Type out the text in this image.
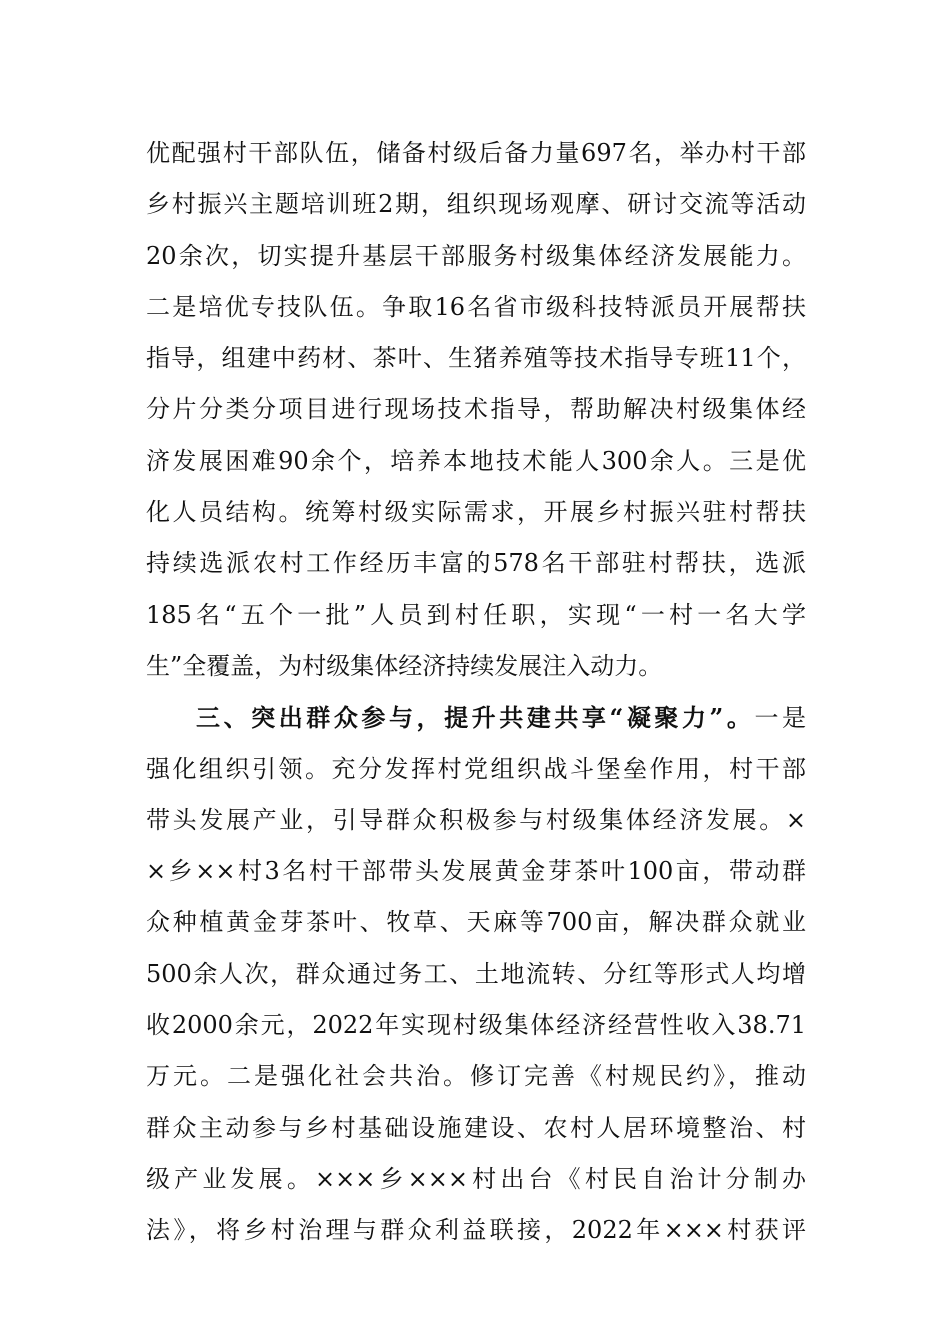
优配强村干部队伍，储备村级后备力量697名，举办村干部
乡村振兴主题培训班2期，组织现场观摩、研讨交流等活动
20余次，切实提升基层干部服务村级集体经济发展能力。
二是培优专技队伍。争取16名省市级科技特派员开展帮扶
指导，组建中药材、茶叶、生猪养殖等技术指导专班11个，
分片分类分项目进行现场技术指导，帮助解决村级集体经
济发展困难90余个，培养本地技术能人300余人。三是优
化人员结构。统筹村级实际需求，开展乡村振兴驻村帮扶
持续选派农村工作经历丰富的578名干部驻村帮扶，选派
185名“五个一批”人员到村任职，实现“一村一名大学
生”全覆盖，为村级集体经济持续发展注入动力。
三、突出群众参与，提升共建共享“凝聚力”。一是
强化组织引领。充分发挥村党组织战斗堡垒作用，村干部
带头发展产业，引导群众积极参与村级集体经济发展。×
×乡××村3名村干部带头发展黄金芽茶叶100亩，带动群
众种植黄金芽茶叶、牧草、天麻等700亩，解决群众就业
500余人次，群众通过务工、土地流转、分红等形式人均增
收2000余元，2022年实现村级集体经济经营性收入38.71
万元。二是强化社会共治。修订完善《村规民约》，推动
群众主动参与乡村基础设施建设、农村人居环境整治、村
级产业发展。×××乡×××村出台《村民自治计分制办
法》，将乡村治理与群众利益联接，2022年×××村获评
